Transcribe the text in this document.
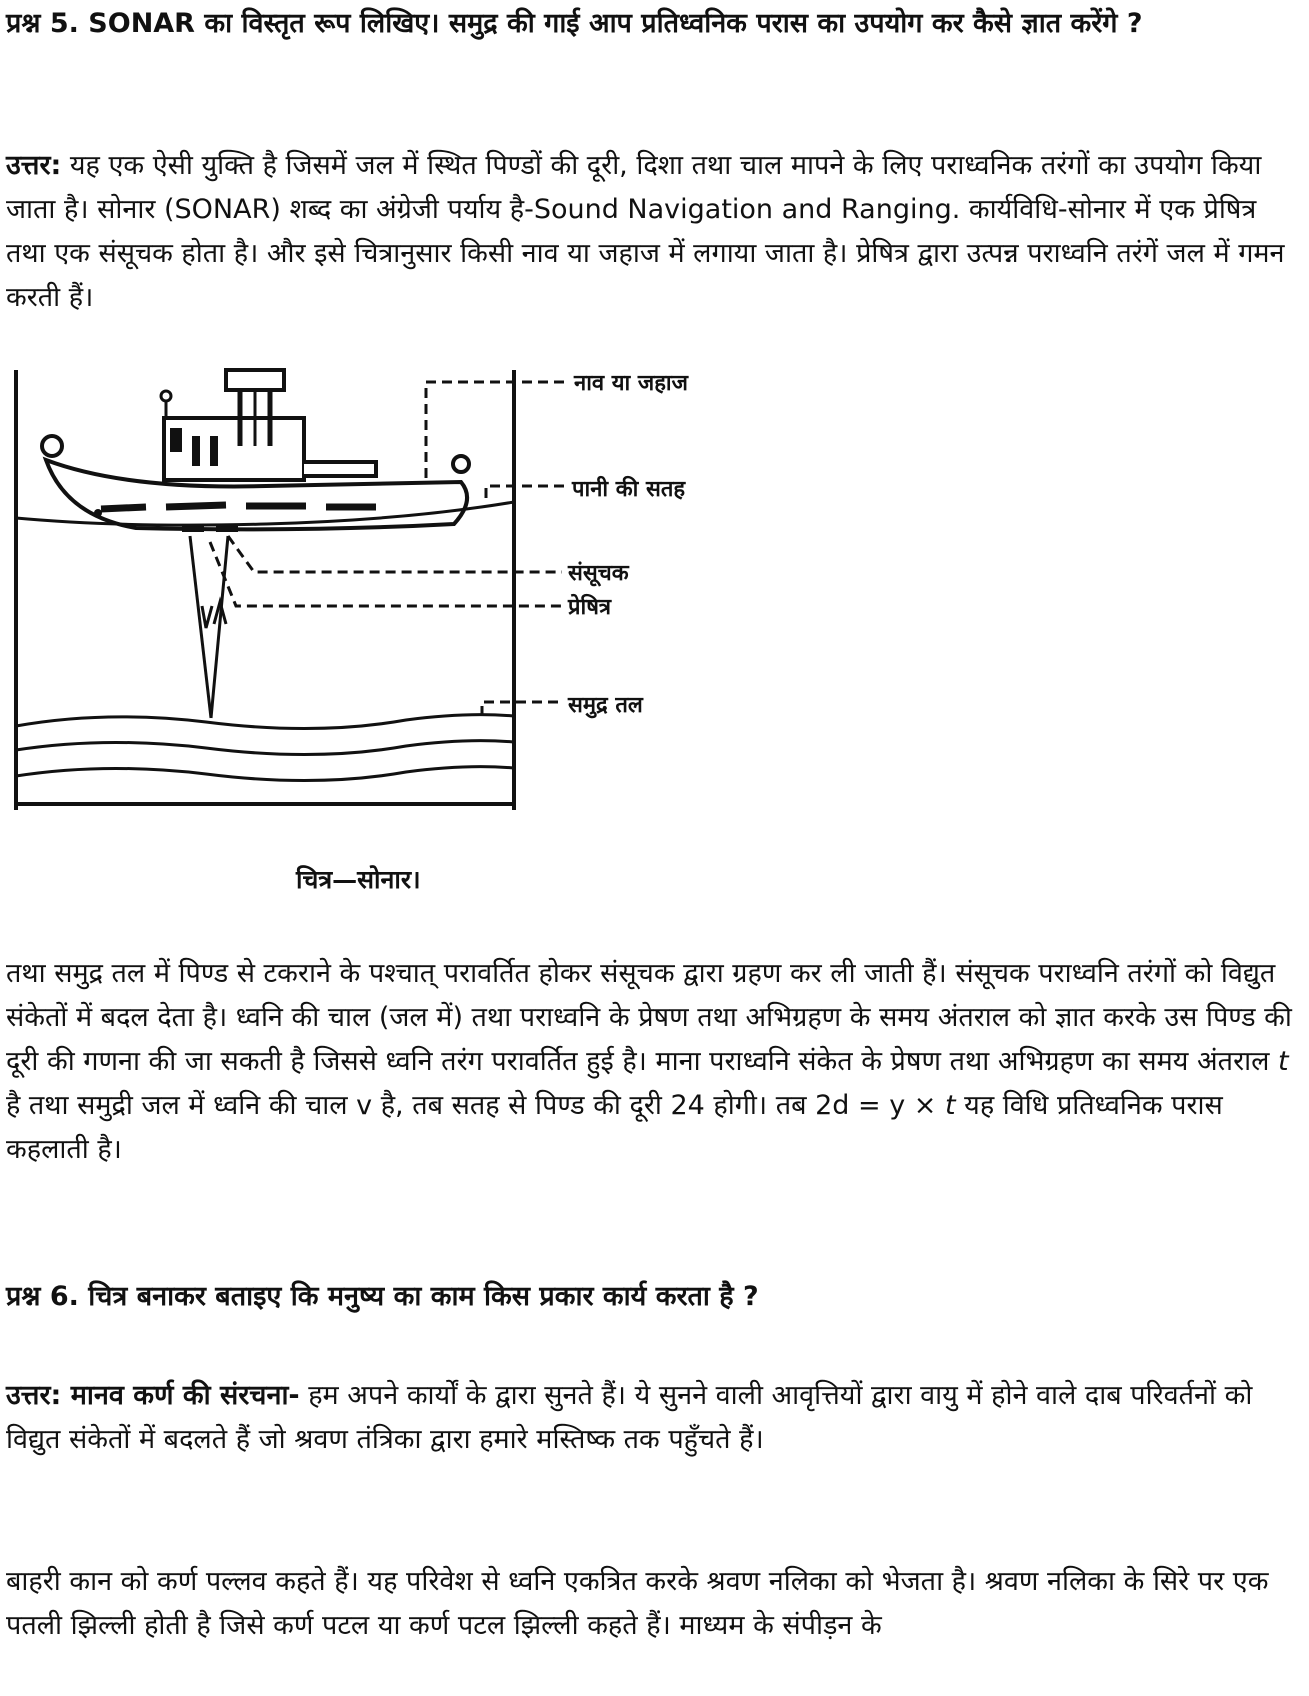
प्रश्न 5. SONAR का विस्तृत रूप लिखिए। समुद्र की गाई आप प्रतिध्वनिक परास का उपयोग कर कैसे ज्ञात करेंगे ?

उत्तर: यह एक ऐसी युक्ति है जिसमें जल में स्थित पिण्डों की दूरी, दिशा तथा चाल मापने के लिए पराध्वनिक तरंगों का उपयोग किया जाता है। सोनार (SONAR) शब्द का अंग्रेजी पर्याय है-Sound Navigation and Ranging. कार्यविधि-सोनार में एक प्रेषित्र तथा एक संसूचक होता है। और इसे चित्रानुसार किसी नाव या जहाज में लगाया जाता है। प्रेषित्र द्वारा उत्पन्न पराध्वनि तरंगें जल में गमन करती हैं।

नाव या जहाज
पानी की सतह
संसूचक
प्रेषित्र
समुद्र तल
चित्र—सोनार।

तथा समुद्र तल में पिण्ड से टकराने के पश्चात् परावर्तित होकर संसूचक द्वारा ग्रहण कर ली जाती हैं। संसूचक पराध्वनि तरंगों को विद्युत संकेतों में बदल देता है। ध्वनि की चाल (जल में) तथा पराध्वनि के प्रेषण तथा अभिग्रहण के समय अंतराल को ज्ञात करके उस पिण्ड की दूरी की गणना की जा सकती है जिससे ध्वनि तरंग परावर्तित हुई है। माना पराध्वनि संकेत के प्रेषण तथा अभिग्रहण का समय अंतराल t है तथा समुद्री जल में ध्वनि की चाल v है, तब सतह से पिण्ड की दूरी 24 होगी। तब 2d = y × t यह विधि प्रतिध्वनिक परास कहलाती है।

प्रश्न 6. चित्र बनाकर बताइए कि मनुष्य का काम किस प्रकार कार्य करता है ?

उत्तर: मानव कर्ण की संरचना- हम अपने कार्यों के द्वारा सुनते हैं। ये सुनने वाली आवृत्तियों द्वारा वायु में होने वाले दाब परिवर्तनों को विद्युत संकेतों में बदलते हैं जो श्रवण तंत्रिका द्वारा हमारे मस्तिष्क तक पहुँचते हैं।

बाहरी कान को कर्ण पल्लव कहते हैं। यह परिवेश से ध्वनि एकत्रित करके श्रवण नलिका को भेजता है। श्रवण नलिका के सिरे पर एक पतली झिल्ली होती है जिसे कर्ण पटल या कर्ण पटल झिल्ली कहते हैं। माध्यम के संपीड़न के
